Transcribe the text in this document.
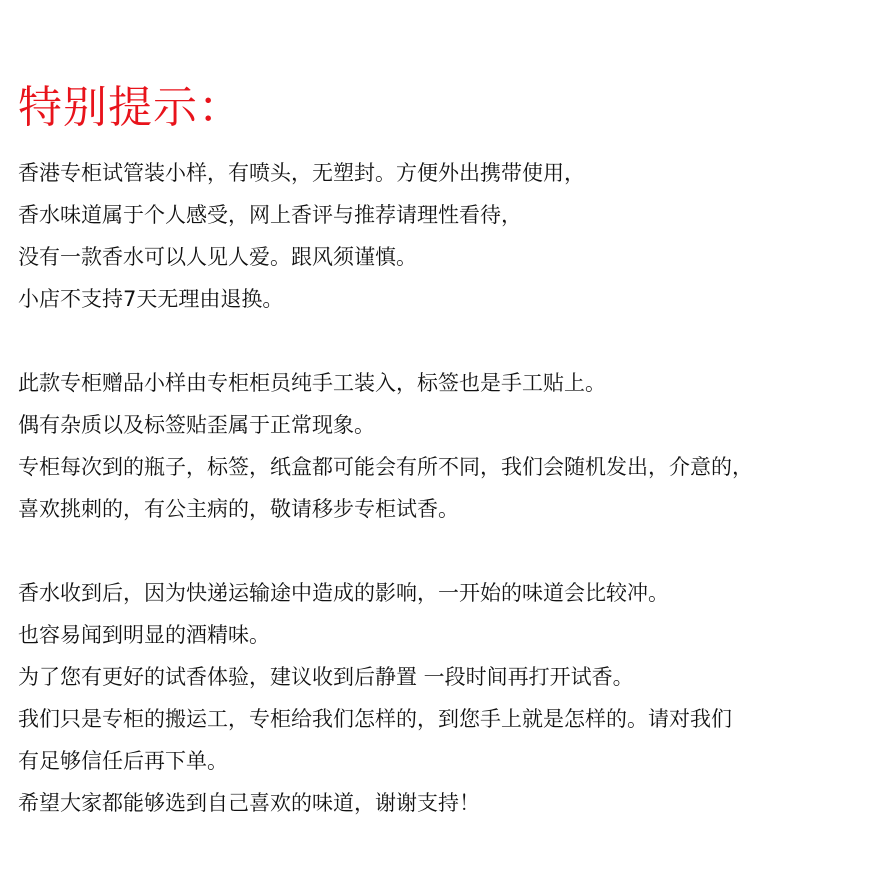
特别提示：
香港专柜试管装小样，有喷头，无塑封。方便外出携带使用，
香水味道属于个人感受，网上香评与推荐请理性看待，
没有一款香水可以人见人爱。跟风须谨慎。
小店不支持7天无理由退换。
此款专柜赠品小样由专柜柜员纯手工装入，标签也是手工贴上。
偶有杂质以及标签贴歪属于正常现象。
专柜每次到的瓶子，标签，纸盒都可能会有所不同，我们会随机发出，介意的，
喜欢挑刺的，有公主病的，敬请移步专柜试香。
香水收到后，因为快递运输途中造成的影响，一开始的味道会比较冲。
也容易闻到明显的酒精味。
为了您有更好的试香体验，建议收到后静置 一段时间再打开试香。
我们只是专柜的搬运工，专柜给我们怎样的，到您手上就是怎样的。请对我们
有足够信任后再下单。
希望大家都能够选到自己喜欢的味道，谢谢支持！
